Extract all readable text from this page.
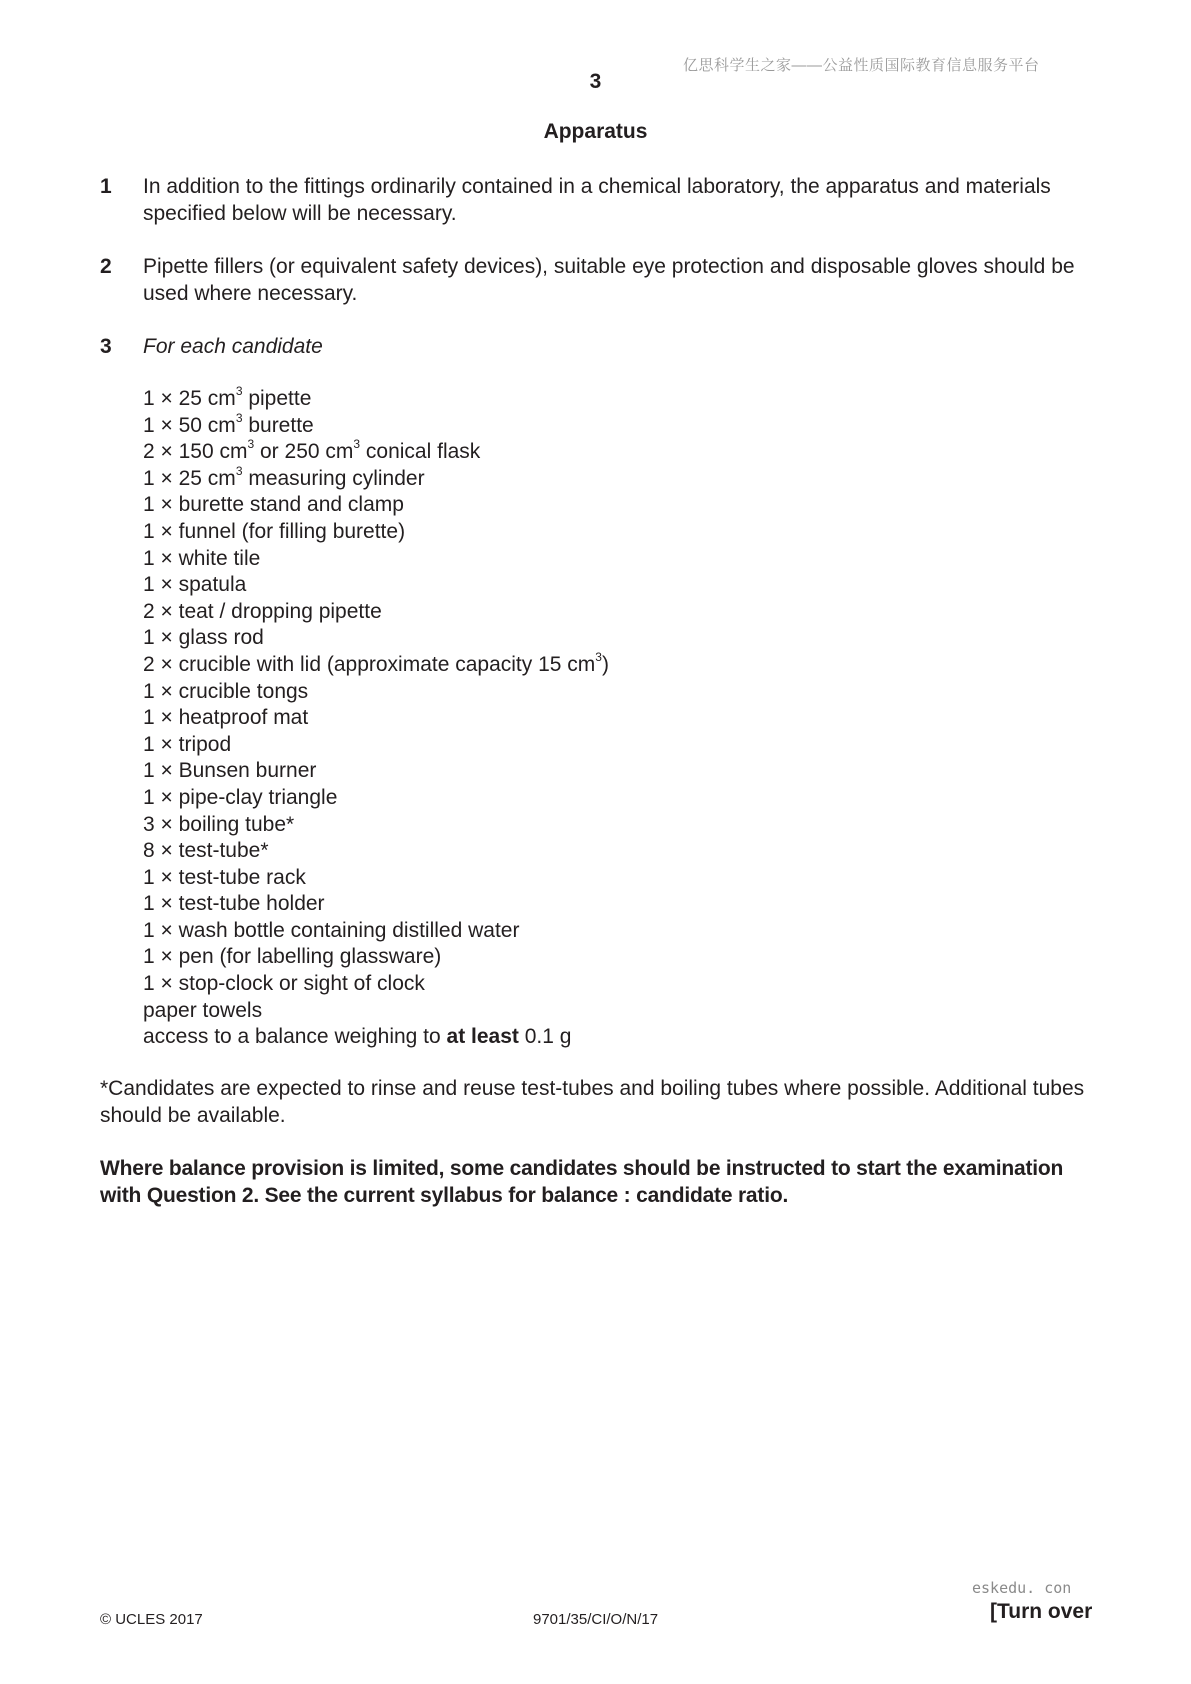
亿思科学生之家——公益性质国际教育信息服务平台
3
Apparatus
1 In addition to the fittings ordinarily contained in a chemical laboratory, the apparatus and materials specified below will be necessary.
2 Pipette fillers (or equivalent safety devices), suitable eye protection and disposable gloves should be used where necessary.
3 For each candidate
1 × 25 $cm^3$ pipette
1 × 50 $cm^3$ burette
2 × 150 $cm^3$ or 250 $cm^3$ conical flask
1 × 25 $cm^3$ measuring cylinder
1 × burette stand and clamp
1 × funnel (for filling burette)
1 × white tile
1 × spatula
2 × teat / dropping pipette
1 × glass rod
2 × crucible with lid (approximate capacity 15 $cm^3$)
1 × crucible tongs
1 × heatproof mat
1 × tripod
1 × Bunsen burner
1 × pipe-clay triangle
3 × boiling tube*
8 × test-tube*
1 × test-tube rack
1 × test-tube holder
1 × wash bottle containing distilled water
1 × pen (for labelling glassware)
1 × stop-clock or sight of clock
paper towels
access to a balance weighing to at least 0.1 g
*Candidates are expected to rinse and reuse test-tubes and boiling tubes where possible. Additional tubes should be available.
Where balance provision is limited, some candidates should be instructed to start the examination with Question 2. See the current syllabus for balance : candidate ratio.
eskedu. con
© UCLES 2017	9701/35/CI/O/N/17	[Turn over
